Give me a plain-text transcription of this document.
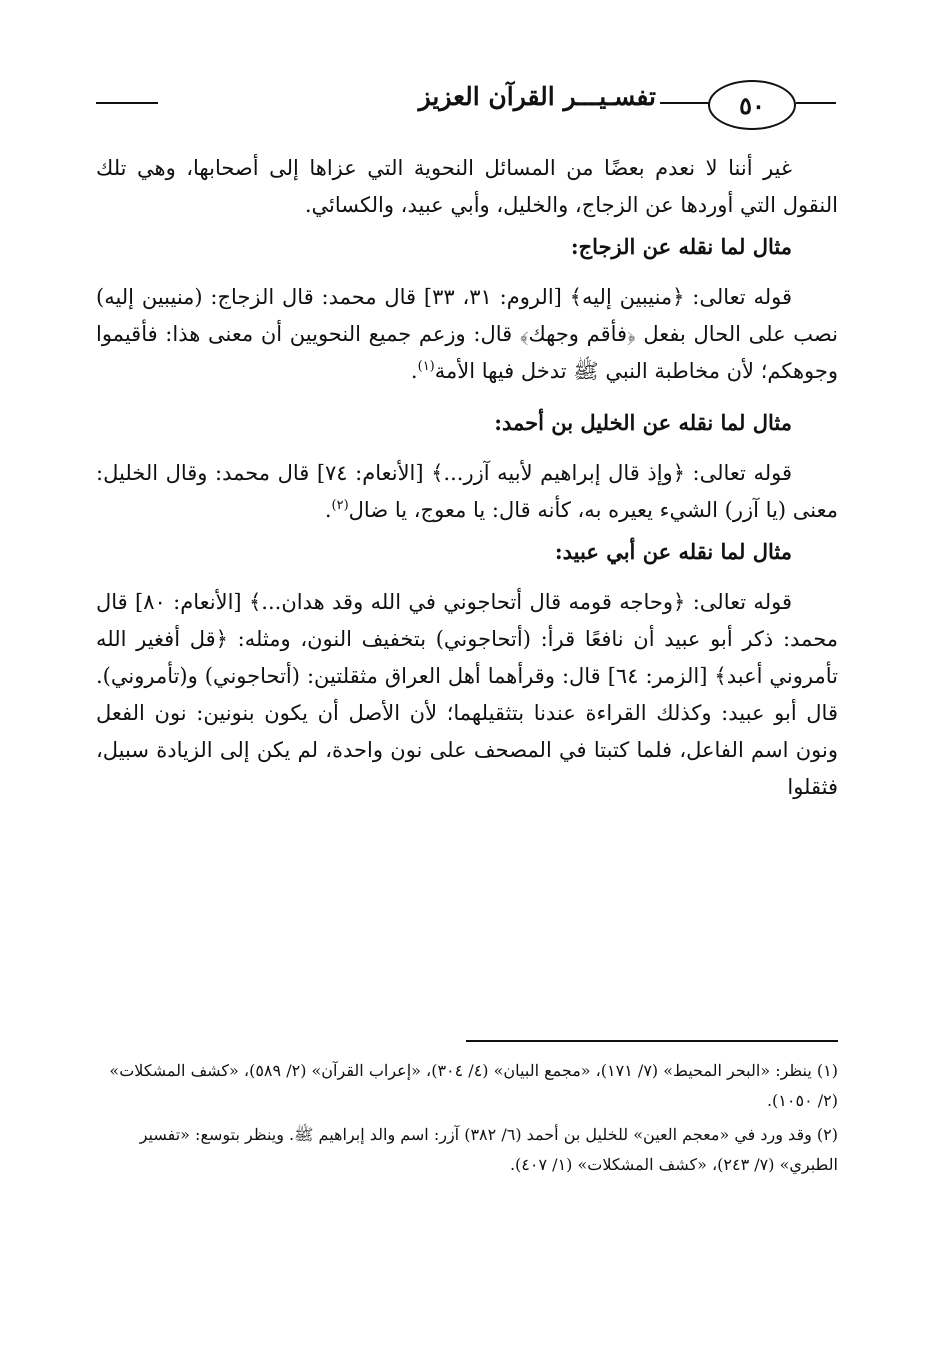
٥٠
تفسـيـــر القرآن العزيز

غير أننا لا نعدم بعضًا من المسائل النحوية التي عزاها إلى أصحابها، وهي تلك النقول التي أوردها عن الزجاج، والخليل، وأبي عبيد، والكسائي.

مثال لما نقله عن الزجاج:

قوله تعالى: ﴿منيبين إليه﴾ [الروم: ٣١، ٣٣] قال محمد: قال الزجاج: (منيبين إليه) نصب على الحال بفعل ﴿فأقم وجهك﴾ قال: وزعم جميع النحويين أن معنى هذا: فأقيموا وجوهكم؛ لأن مخاطبة النبي ﷺ تدخل فيها الأمة$^{(١)}$.

مثال لما نقله عن الخليل بن أحمد:

قوله تعالى: ﴿وإذ قال إبراهيم لأبيه آزر...﴾ [الأنعام: ٧٤] قال محمد: وقال الخليل: معنى (يا آزر) الشيء يعيره به، كأنه قال: يا معوج، يا ضال$^{(٢)}$.

مثال لما نقله عن أبي عبيد:

قوله تعالى: ﴿وحاجه قومه قال أتحاجوني في الله وقد هدان...﴾ [الأنعام: ٨٠] قال محمد: ذكر أبو عبيد أن نافعًا قرأ: (أتحاجوني) بتخفيف النون، ومثله: ﴿قل أفغير الله تأمروني أعبد﴾ [الزمر: ٦٤] قال: وقرأهما أهل العراق مثقلتين: (أتحاجوني) و(تأمروني). قال أبو عبيد: وكذلك القراءة عندنا بتثقيلهما؛ لأن الأصل أن يكون بنونين: نون الفعل ونون اسم الفاعل، فلما كتبتا في المصحف على نون واحدة، لم يكن إلى الزيادة سبيل، فثقلوا

(١) ينظر: «البحر المحيط» (٧/ ١٧١)، «مجمع البيان» (٤/ ٣٠٤)، «إعراب القرآن» (٢/ ٥٨٩)، «كشف المشكلات» (٢/ ١٠٥٠).

(٢) وقد ورد في «معجم العين» للخليل بن أحمد (٦/ ٣٨٢) آزر: اسم والد إبراهيم ﷺ. وينظر بتوسع: «تفسير الطبري» (٧/ ٢٤٣)، «كشف المشكلات» (١/ ٤٠٧).
